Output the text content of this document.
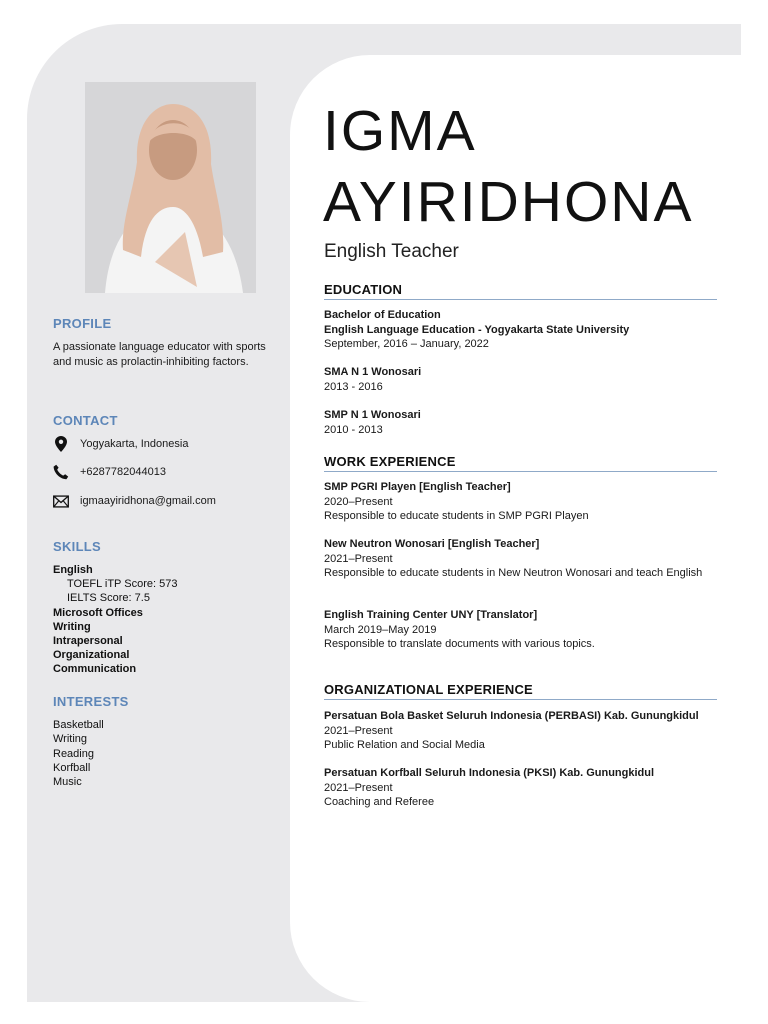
PROFILE
A passionate language educator with sports and music as prolactin-inhibiting factors.
CONTACT
Yogyakarta, Indonesia
+6287782044013
igmaayiridhona@gmail.com
SKILLS
English
TOEFL iTP Score: 573
IELTS Score: 7.5
Microsoft Offices
Writing
Intrapersonal
Organizational
Communication
INTERESTS
Basketball
Writing
Reading
Korfball
Music
IGMA
AYIRIDHONA
English Teacher
EDUCATION
Bachelor of Education
English Language Education - Yogyakarta State University
September, 2016 – January, 2022
SMA N 1 Wonosari
2013 - 2016
SMP N 1 Wonosari
2010 - 2013
WORK EXPERIENCE
SMP PGRI Playen [English Teacher]
2020–Present
Responsible to educate students in SMP PGRI Playen
New Neutron Wonosari [English Teacher]
2021–Present
Responsible to educate students in New Neutron Wonosari and teach English
English Training Center UNY [Translator]
March 2019–May 2019
Responsible to translate documents with various topics.
ORGANIZATIONAL EXPERIENCE
Persatuan Bola Basket Seluruh Indonesia (PERBASI) Kab. Gunungkidul
2021–Present
Public Relation and Social Media
Persatuan Korfball Seluruh Indonesia (PKSI) Kab. Gunungkidul
2021–Present
Coaching and Referee
